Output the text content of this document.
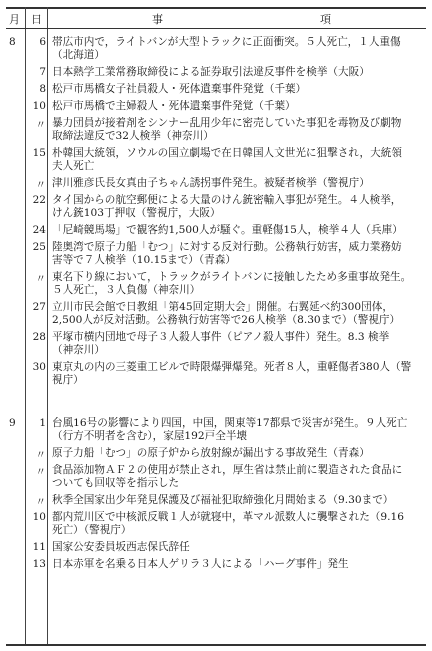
月 日	事	項
8	6 帯広市内で，ライトバンが大型トラックに正面衝突。５人死亡，１人重傷
（北海道）
7 日本熱学工業常務取締役による証券取引法違反事件を検挙（大阪）
8 松戸市馬橋女子社員殺人・死体遺棄事件発覚（千葉）
10 松戸市馬橋で主婦殺人・死体遺棄事件発覚（千葉）
〃 暴力団員が接着剤をシンナー乱用少年に密売していた事犯を毒物及び劇物
取締法違反で32人検挙（神奈川）
15 朴韓国大統領，ソウルの国立劇場で在日韓国人文世光に狙撃され，大統領
夫人死亡
〃 津川雅彦氏長女真由子ちゃん誘拐事件発生。被疑者検挙（警視庁）
22 タイ国からの航空郵便による大量のけん銃密輸入事犯が発生。４人検挙，
けん銃103丁押収（警視庁，大阪）
24 「尼崎競馬場」で観客約1,500人が騒ぐ。重軽傷15人，検挙４人（兵庫）
25 陸奥湾で原子力船「むつ」に対する反対行動。公務執行妨害，威力業務妨
害等で７人検挙（10.15まで）（青森）
〃 東名下り線において，トラックがライトバンに接触したため多重事故発生。
５人死亡，３人負傷（神奈川）
27 立川市民会館で日教組「第45回定期大会」開催。右翼延べ約300団体，
2,500人が反対活動。公務執行妨害等で26人検挙（8.30まで）（警視庁）
28 平塚市横内団地で母子３人殺人事件（ピアノ殺人事件）発生。8.3 検挙
（神奈川）
30 東京丸の内の三菱重工ビルで時限爆弾爆発。死者８人，重軽傷者380人（警
視庁）
9	1 台風16号の影響により四国，中国，関東等17都県で災害が発生。９人死亡
（行方不明者を含む），家屋192戸全半壊
〃 原子力船「むつ」の原子炉から放射線が漏出する事故発生（青森）
〃 食品添加物ＡＦ２の使用が禁止され，厚生省は禁止前に製造された食品に
ついても回収等を指示した
〃 秋季全国家出少年発見保護及び福祉犯取締強化月間始まる（9.30まで）
10 都内荒川区で中核派反戦１人が就寝中，革マル派数人に襲撃された（9.16
死亡）（警視庁）
11 国家公安委員坂西志保氏辞任
13 日本赤軍を名乗る日本人ゲリラ３人による「ハーグ事件」発生
